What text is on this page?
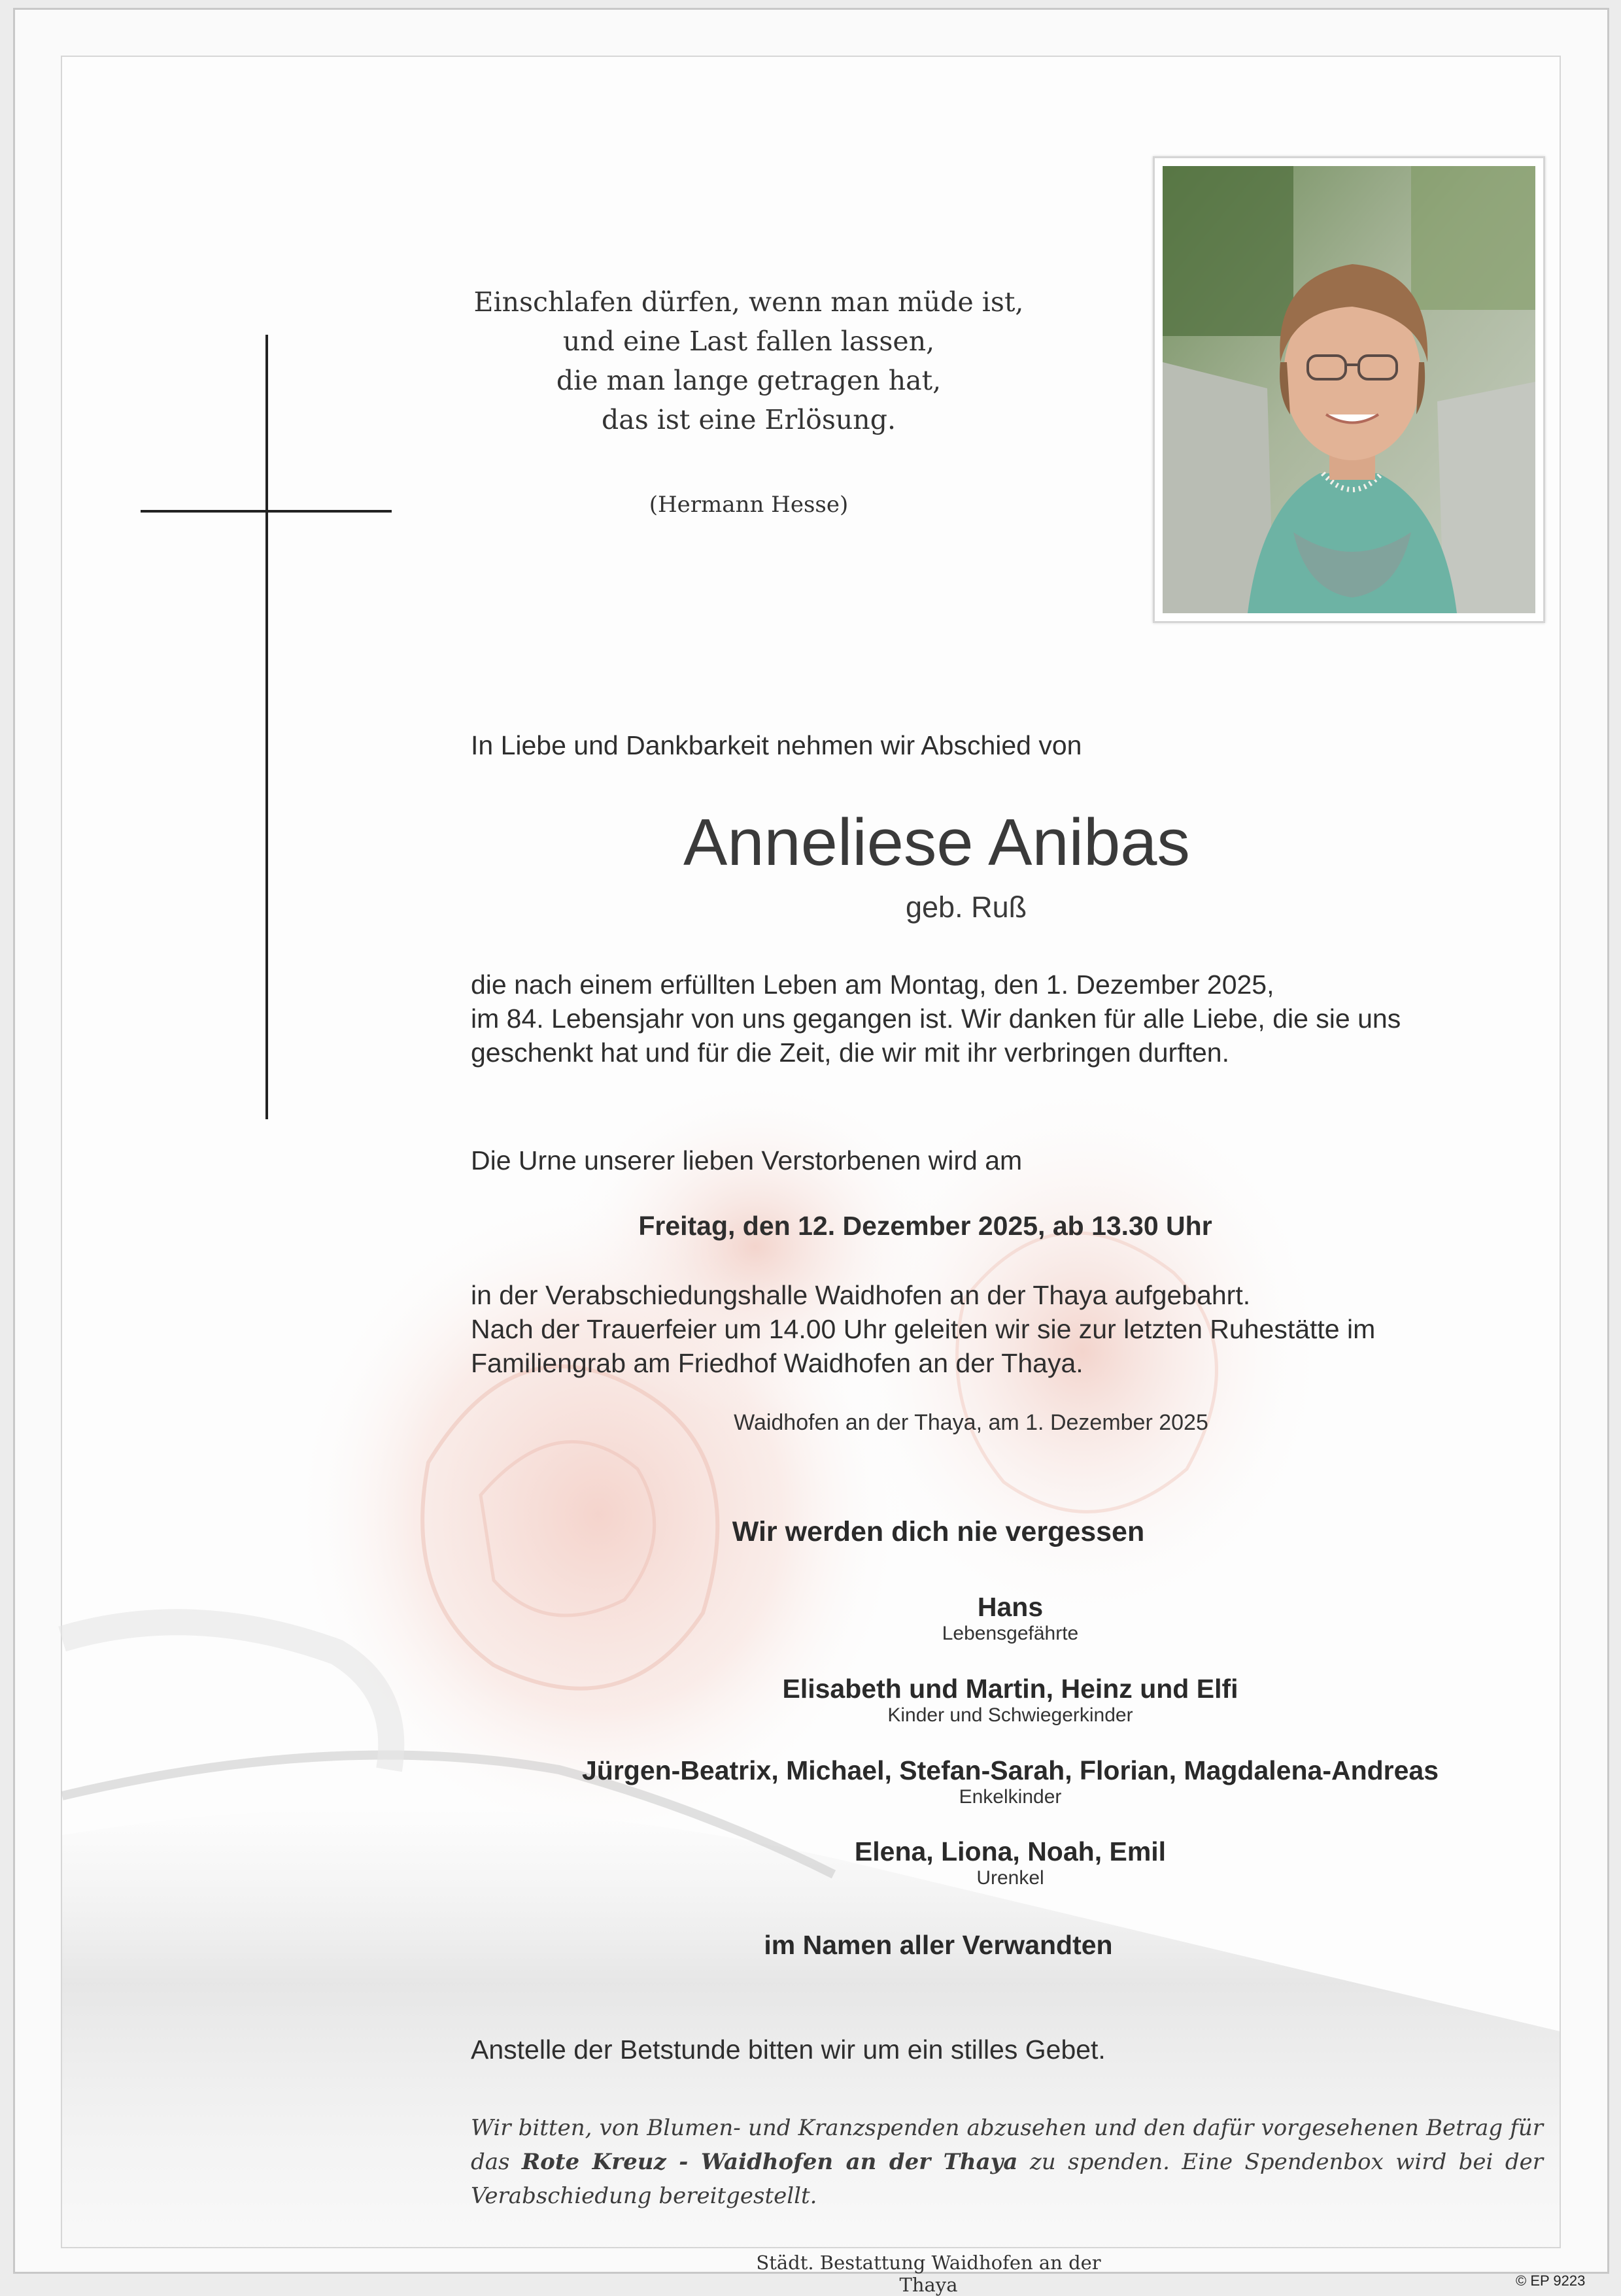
Einschlafen dürfen, wenn man müde ist,
und eine Last fallen lassen,
die man lange getragen hat,
das ist eine Erlösung.
(Hermann Hesse)
In Liebe und Dankbarkeit nehmen wir Abschied von
Anneliese Anibas
geb. Ruß
die nach einem erfüllten Leben am Montag, den 1. Dezember 2025,
im 84. Lebensjahr von uns gegangen ist. Wir danken für alle Liebe, die sie uns
geschenkt hat und für die Zeit, die wir mit ihr verbringen durften.
Die Urne unserer lieben Verstorbenen wird am
Freitag, den 12. Dezember 2025, ab 13.30 Uhr
in der Verabschiedungshalle Waidhofen an der Thaya aufgebahrt.
Nach der Trauerfeier um 14.00 Uhr geleiten wir sie zur letzten Ruhestätte im
Familiengrab am Friedhof Waidhofen an der Thaya.
Waidhofen an der Thaya, am 1. Dezember 2025
Wir werden dich nie vergessen
Hans
Lebensgefährte
Elisabeth und Martin, Heinz und Elfi
Kinder und Schwiegerkinder
Jürgen-Beatrix, Michael, Stefan-Sarah, Florian, Magdalena-Andreas
Enkelkinder
Elena, Liona, Noah, Emil
Urenkel
im Namen aller Verwandten
Anstelle der Betstunde bitten wir um ein stilles Gebet.
Wir bitten, von Blumen- und Kranzspenden abzusehen und den dafür vorgesehenen Betrag für das Rote Kreuz - Waidhofen an der Thaya zu spenden. Eine Spendenbox wird bei der Verabschiedung bereitgestellt.
Städt. Bestattung Waidhofen an der Thaya	© EP 9223
